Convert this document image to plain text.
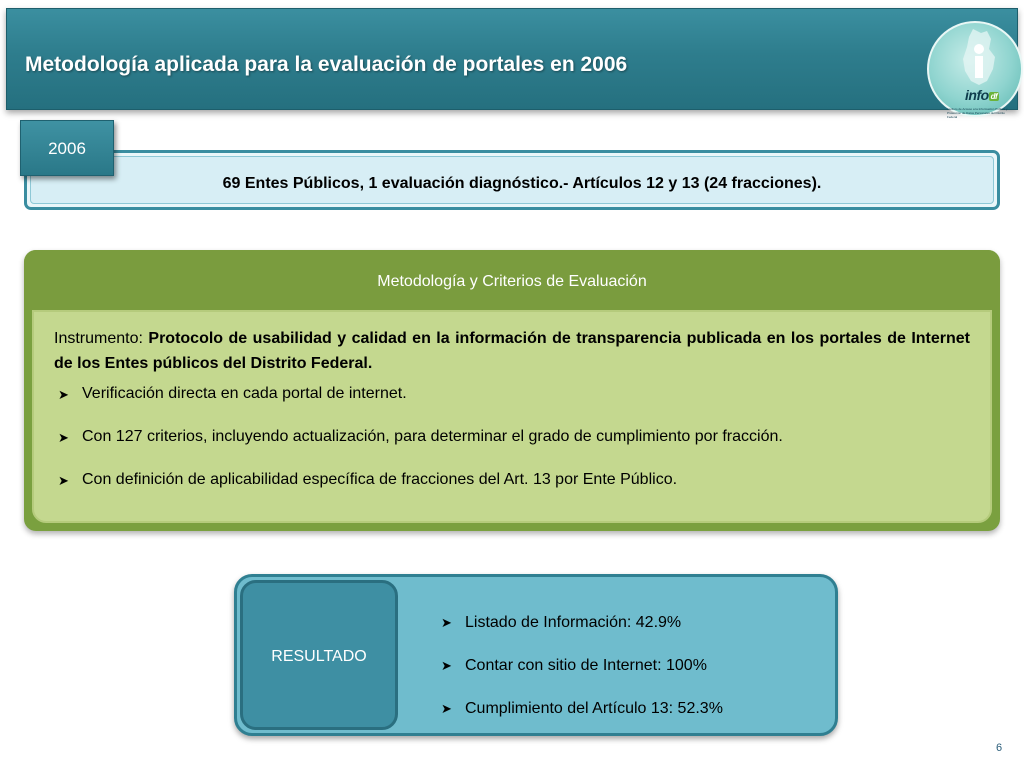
Metodología aplicada para la evaluación de portales en 2006
info df
Instituto de Acceso a la Información Pública y Protección de Datos Personales del Distrito Federal
2006
69 Entes Públicos, 1 evaluación diagnóstico.- Artículos 12 y 13 (24 fracciones).
Metodología y Criterios de Evaluación

Instrumento: Protocolo de usabilidad y calidad en la información de transparencia publicada en los portales de Internet de los Entes públicos del Distrito Federal.

➤ Verificación directa en cada portal de internet.
➤ Con 127 criterios, incluyendo actualización, para determinar el grado de cumplimiento por fracción.
➤ Con definición de aplicabilidad específica de fracciones del Art. 13 por Ente Público.
RESULTADO
➤ Listado de Información: 42.9%
➤ Contar con sitio de Internet: 100%
➤ Cumplimiento del Artículo 13: 52.3%
6
